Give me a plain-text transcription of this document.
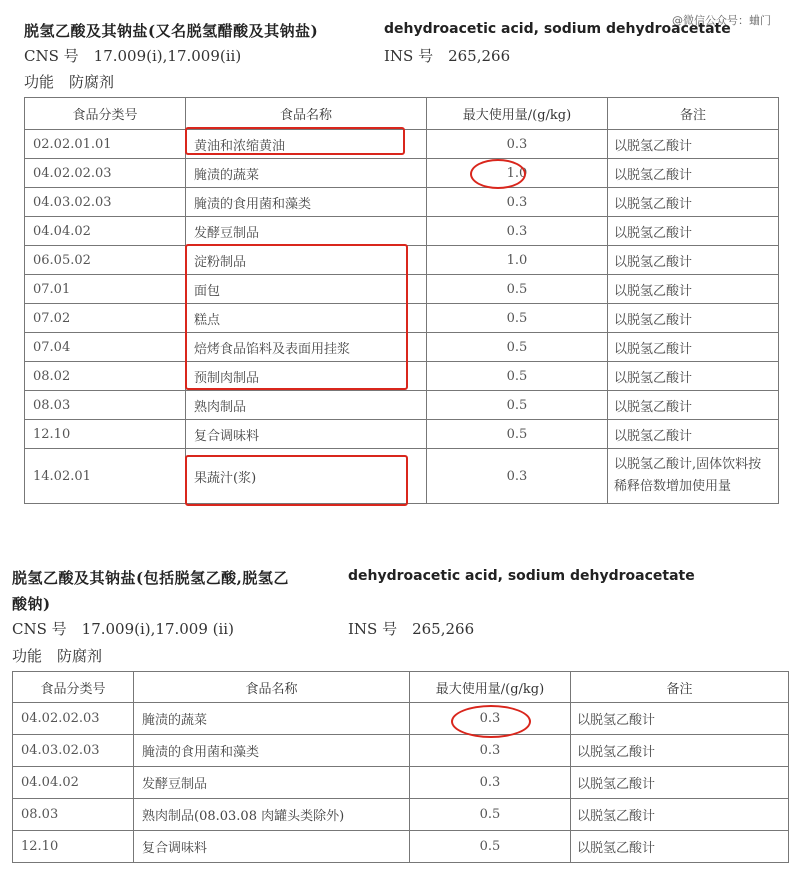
@微信公众号：蛐门
脱氢乙酸及其钠盐(又名脱氢醋酸及其钠盐)	dehydroacetic acid, sodium dehydroacetate
CNS 号　17.009(i),17.009(ii)	INS 号　265,266
功能　防腐剂
食品分类号	食品名称	最大使用量/(g/kg)	备注
02.02.01.01	黄油和浓缩黄油	0.3	以脱氢乙酸计
04.02.02.03	腌渍的蔬菜	1.0	以脱氢乙酸计
04.03.02.03	腌渍的食用菌和藻类	0.3	以脱氢乙酸计
04.04.02	发酵豆制品	0.3	以脱氢乙酸计
06.05.02	淀粉制品	1.0	以脱氢乙酸计
07.01	面包	0.5	以脱氢乙酸计
07.02	糕点	0.5	以脱氢乙酸计
07.04	焙烤食品馅料及表面用挂浆	0.5	以脱氢乙酸计
08.02	预制肉制品	0.5	以脱氢乙酸计
08.03	熟肉制品	0.5	以脱氢乙酸计
12.10	复合调味料	0.5	以脱氢乙酸计
14.02.01	果蔬汁(浆)	0.3	以脱氢乙酸计,固体饮料按稀释倍数增加使用量
脱氢乙酸及其钠盐(包括脱氢乙酸,脱氢乙	dehydroacetic acid, sodium dehydroacetate
酸钠)
CNS 号　17.009(i),17.009 (ii)	INS 号　265,266
功能　防腐剂
食品分类号	食品名称	最大使用量/(g/kg)	备注
04.02.02.03	腌渍的蔬菜	0.3	以脱氢乙酸计
04.03.02.03	腌渍的食用菌和藻类	0.3	以脱氢乙酸计
04.04.02	发酵豆制品	0.3	以脱氢乙酸计
08.03	熟肉制品(08.03.08 肉罐头类除外)	0.5	以脱氢乙酸计
12.10	复合调味料	0.5	以脱氢乙酸计
